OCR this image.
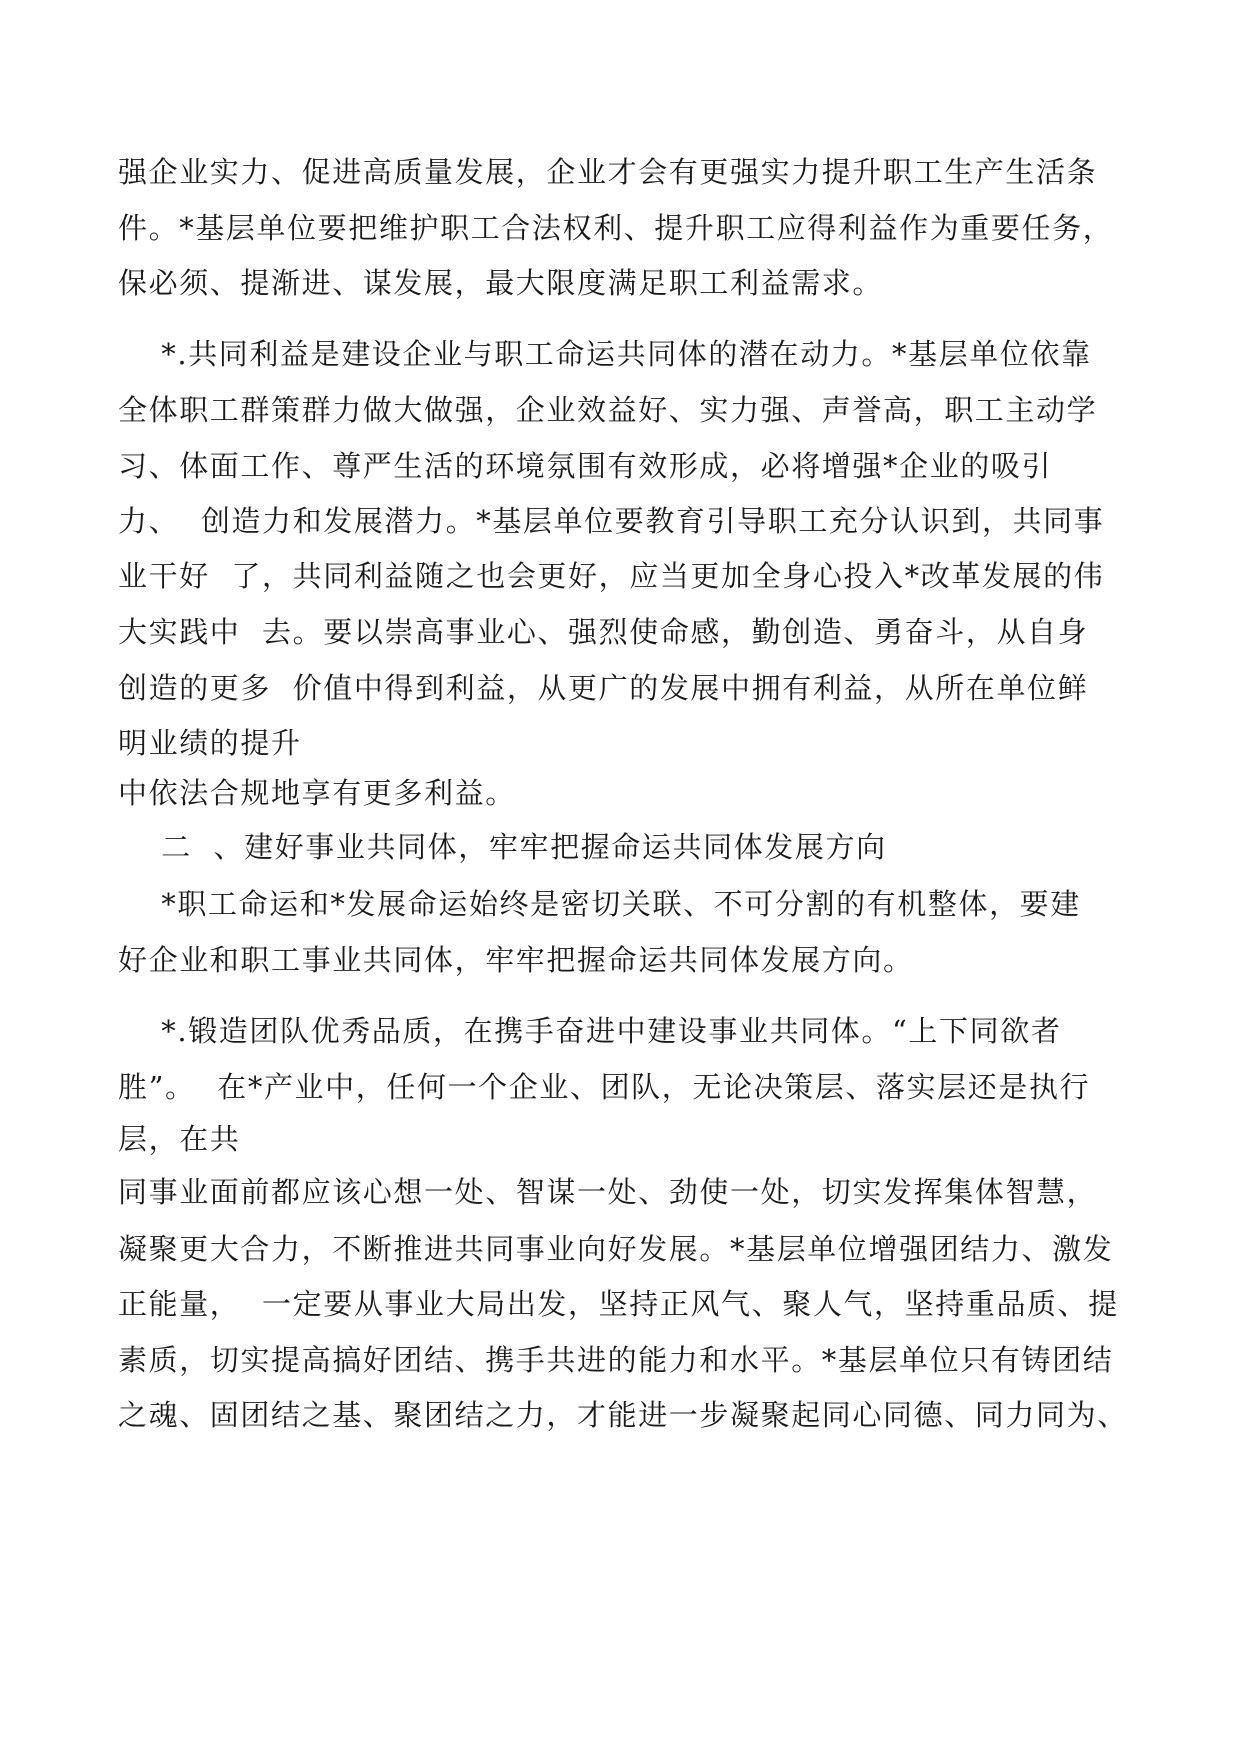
强企业实力、促进高质量发展，企业才会有更强实力提升职工生产生活条
件。*基层单位要把维护职工合法权利、提升职工应得利益作为重要任务，
保必须、提渐进、谋发展，最大限度满足职工利益需求。
*.共同利益是建设企业与职工命运共同体的潜在动力。*基层单位依靠
全体职工群策群力做大做强，企业效益好、实力强、声誉高，职工主动学
习、体面工作、尊严生活的环境氛围有效形成，必将增强*企业的吸引
力、  创造力和发展潜力。*基层单位要教育引导职工充分认识到，共同事
业干好  了，共同利益随之也会更好，应当更加全身心投入*改革发展的伟
大实践中  去。要以崇高事业心、强烈使命感，勤创造、勇奋斗，从自身
创造的更多  价值中得到利益，从更广的发展中拥有利益，从所在单位鲜
明业绩的提升
中依法合规地享有更多利益。
二  、建好事业共同体，牢牢把握命运共同体发展方向
*职工命运和*发展命运始终是密切关联、不可分割的有机整体，要建
好企业和职工事业共同体，牢牢把握命运共同体发展方向。
*.锻造团队优秀品质，在携手奋进中建设事业共同体。“上下同欲者
胜”。  在*产业中，任何一个企业、团队，无论决策层、落实层还是执行
层，在共
同事业面前都应该心想一处、智谋一处、劲使一处，切实发挥集体智慧，
凝聚更大合力，不断推进共同事业向好发展。*基层单位增强团结力、激发
正能量，  一定要从事业大局出发，坚持正风气、聚人气，坚持重品质、提
素质，切实提高搞好团结、携手共进的能力和水平。*基层单位只有铸团结
之魂、固团结之基、聚团结之力，才能进一步凝聚起同心同德、同力同为、
